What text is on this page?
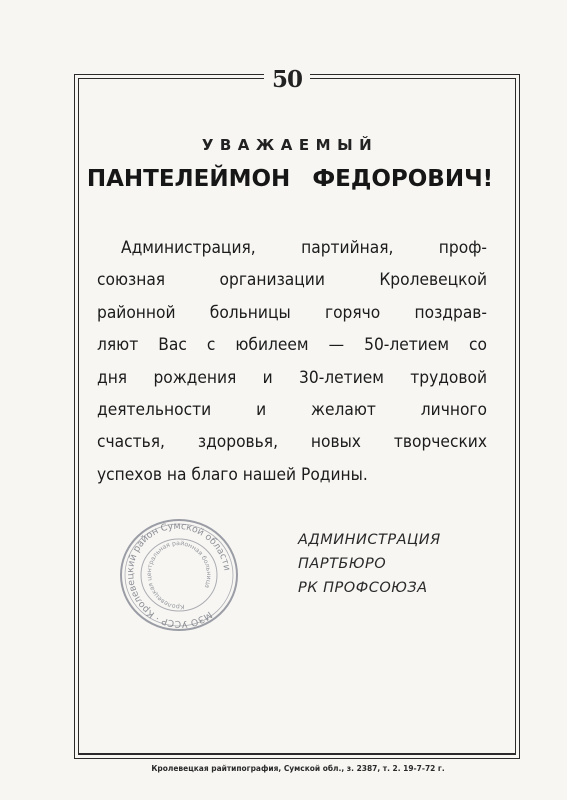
50
УВАЖАЕМЫЙ
ПАНТЕЛЕЙМОН ФЕДОРОВИЧ!
Администрация, партийная, проф-
союзная организации Кролевецкой
районной больницы горячо поздрав-
ляют Вас с юбилеем — 50-летием со
дня рождения и 30-летием трудовой
деятельности и желают личного
счастья, здоровья, новых творческих
успехов на благо нашей Родины.
МЗО УССР · Кролевецкий район Сумской области
Кролевецкая центральная районная больница
АДМИНИСТРАЦИЯ
ПАРТБЮРО
РК ПРОФСОЮЗА
Кролевецкая райтипография, Сумской обл., з. 2387, т. 2. 19-7-72 г.
